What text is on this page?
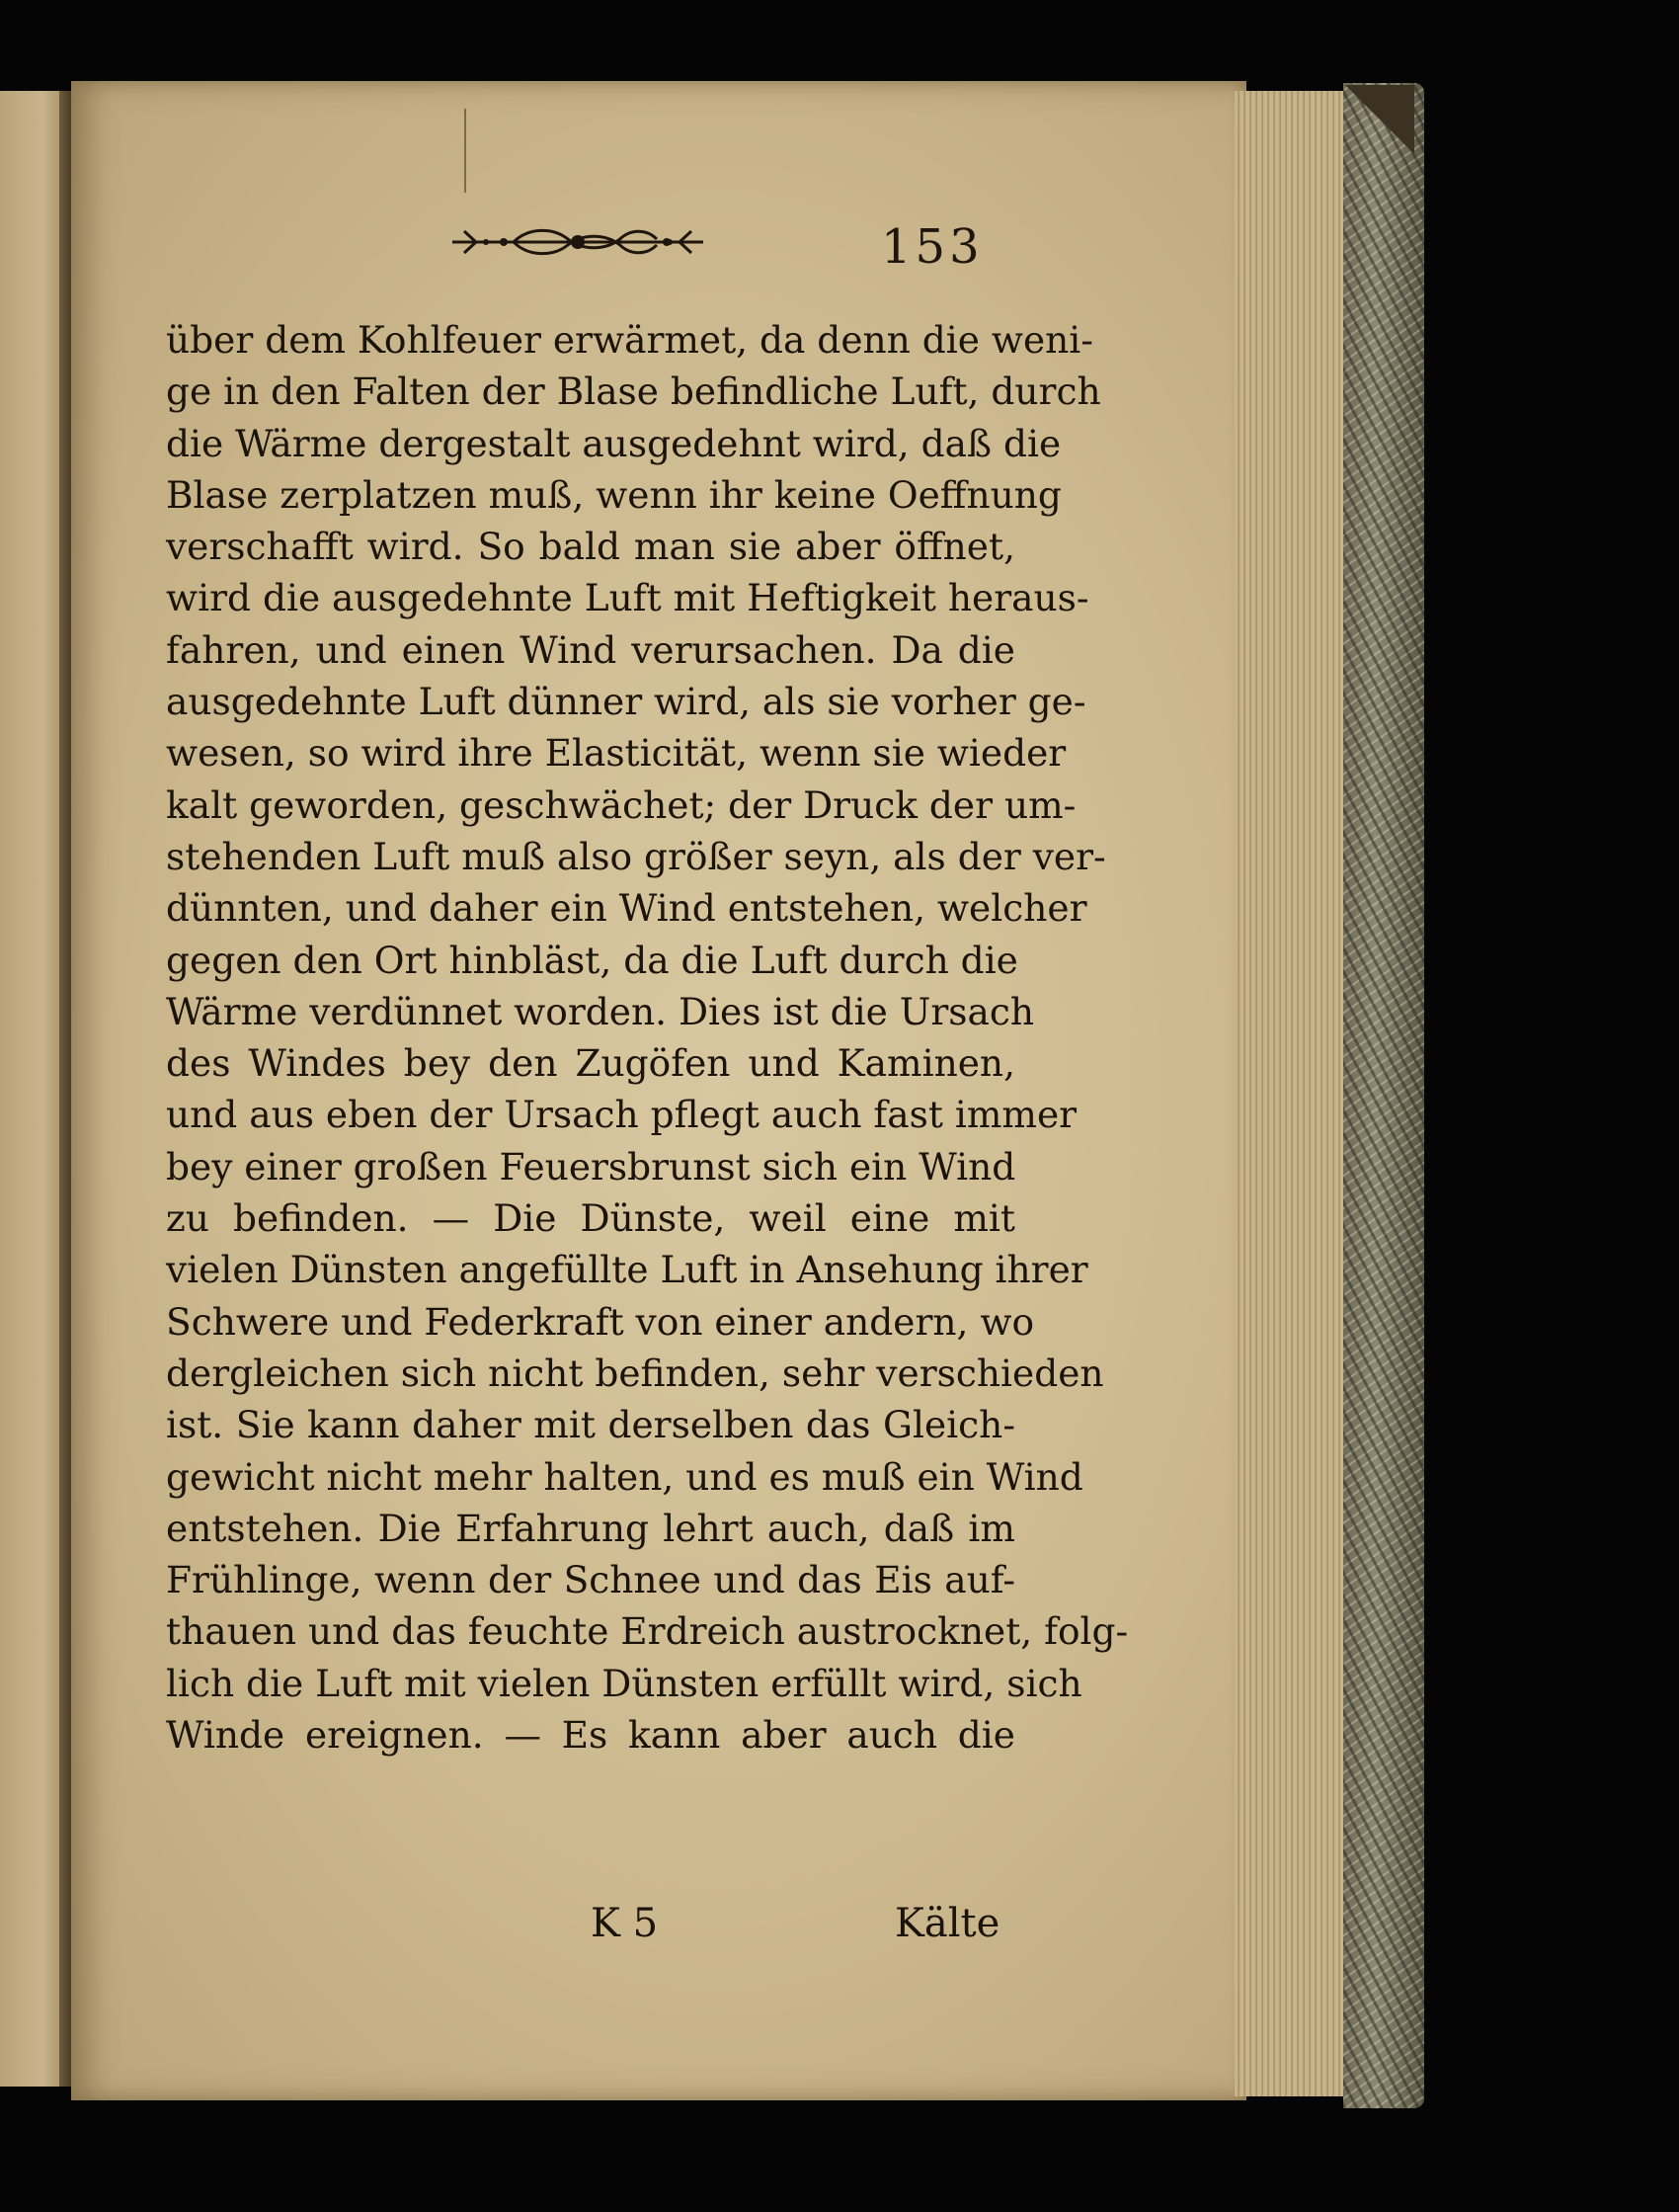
153
über dem Kohlfeuer erwärmet, da denn die weni-
ge in den Falten der Blase befindliche Luft, durch
die Wärme dergestalt ausgedehnt wird, daß die
Blase zerplatzen muß, wenn ihr keine Oeffnung
verschafft wird. So bald man sie aber öffnet,
wird die ausgedehnte Luft mit Heftigkeit heraus-
fahren, und einen Wind verursachen. Da die
ausgedehnte Luft dünner wird, als sie vorher ge-
wesen, so wird ihre Elasticität, wenn sie wieder
kalt geworden, geschwächet; der Druck der um-
stehenden Luft muß also größer seyn, als der ver-
dünnten, und daher ein Wind entstehen, welcher
gegen den Ort hinbläst, da die Luft durch die
Wärme verdünnet worden. Dies ist die Ursach
des Windes bey den Zugöfen und Kaminen,
und aus eben der Ursach pflegt auch fast immer
bey einer großen Feuersbrunst sich ein Wind
zu befinden. — Die Dünste, weil eine mit
vielen Dünsten angefüllte Luft in Ansehung ihrer
Schwere und Federkraft von einer andern, wo
dergleichen sich nicht befinden, sehr verschieden
ist. Sie kann daher mit derselben das Gleich-
gewicht nicht mehr halten, und es muß ein Wind
entstehen. Die Erfahrung lehrt auch, daß im
Frühlinge, wenn der Schnee und das Eis auf-
thauen und das feuchte Erdreich austrocknet, folg-
lich die Luft mit vielen Dünsten erfüllt wird, sich
Winde ereignen. — Es kann aber auch die
K 5	Kälte
